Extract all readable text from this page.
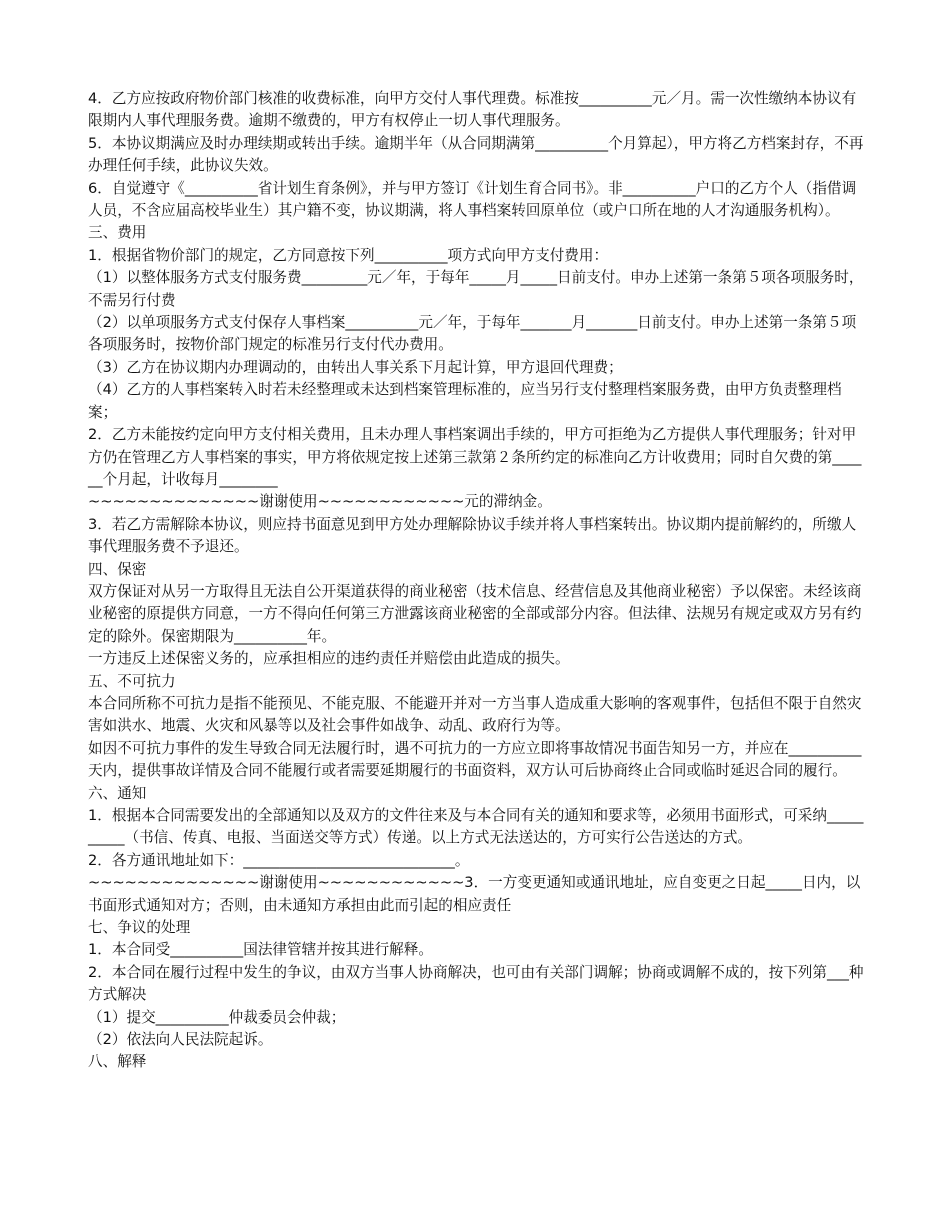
4．乙方应按政府物价部门核准的收费标准，向甲方交付人事代理费。标准按__________元／月。需一次性缴纳本协议有限期内人事代理服务费。逾期不缴费的，甲方有权停止一切人事代理服务。

5．本协议期满应及时办理续期或转出手续。逾期半年（从合同期满第__________个月算起），甲方将乙方档案封存，不再办理任何手续，此协议失效。

6．自觉遵守《__________省计划生育条例》，并与甲方签订《计划生育合同书》。非__________户口的乙方个人（指借调人员，不含应届高校毕业生）其户籍不变，协议期满，将人事档案转回原单位（或户口所在地的人才沟通服务机构）。

三、费用

1．根据省物价部门的规定，乙方同意按下列__________项方式向甲方支付费用：

（1）以整体服务方式支付服务费_________元／年，于每年_____月_____日前支付。申办上述第一条第５项各项服务时，不需另行付费

（2）以单项服务方式支付保存人事档案__________元／年，于每年_______月_______日前支付。申办上述第一条第５项各项服务时，按物价部门规定的标准另行支付代办费用。

（3）乙方在协议期内办理调动的，由转出人事关系下月起计算，甲方退回代理费；

（4）乙方的人事档案转入时若未经整理或未达到档案管理标准的，应当另行支付整理档案服务费，由甲方负责整理档案；

2．乙方未能按约定向甲方支付相关费用，且未办理人事档案调出手续的，甲方可拒绝为乙方提供人事代理服务；针对甲方仍在管理乙方人事档案的事实，甲方将依规定按上述第三款第２条所约定的标准向乙方计收费用；同时自欠费的第______个月起，计收每月________

~~~~~~~~~~~~~~谢谢使用~~~~~~~~~~~~元的滞纳金。

3．若乙方需解除本协议，则应持书面意见到甲方处办理解除协议手续并将人事档案转出。协议期内提前解约的，所缴人事代理服务费不予退还。

四、保密

双方保证对从另一方取得且无法自公开渠道获得的商业秘密（技术信息、经营信息及其他商业秘密）予以保密。未经该商业秘密的原提供方同意，一方不得向任何第三方泄露该商业秘密的全部或部分内容。但法律、法规另有规定或双方另有约定的除外。保密期限为__________年。

一方违反上述保密义务的，应承担相应的违约责任并赔偿由此造成的损失。

五、不可抗力

本合同所称不可抗力是指不能预见、不能克服、不能避开并对一方当事人造成重大影响的客观事件，包括但不限于自然灾害如洪水、地震、火灾和风暴等以及社会事件如战争、动乱、政府行为等。

如因不可抗力事件的发生导致合同无法履行时，遇不可抗力的一方应立即将事故情况书面告知另一方，并应在__________天内，提供事故详情及合同不能履行或者需要延期履行的书面资料，双方认可后协商终止合同或临时延迟合同的履行。

六、通知

1．根据本合同需要发出的全部通知以及双方的文件往来及与本合同有关的通知和要求等，必须用书面形式，可采纳__________（书信、传真、电报、当面送交等方式）传递。以上方式无法送达的，方可实行公告送达的方式。

2．各方通讯地址如下：_____________________________。

~~~~~~~~~~~~~~谢谢使用~~~~~~~~~~~~3．一方变更通知或通讯地址，应自变更之日起_____日内，以书面形式通知对方；否则，由未通知方承担由此而引起的相应责任

七、争议的处理

1．本合同受__________国法律管辖并按其进行解释。

2．本合同在履行过程中发生的争议，由双方当事人协商解决，也可由有关部门调解；协商或调解不成的，按下列第___种方式解决

（1）提交__________仲裁委员会仲裁；

（2）依法向人民法院起诉。

八、解释
